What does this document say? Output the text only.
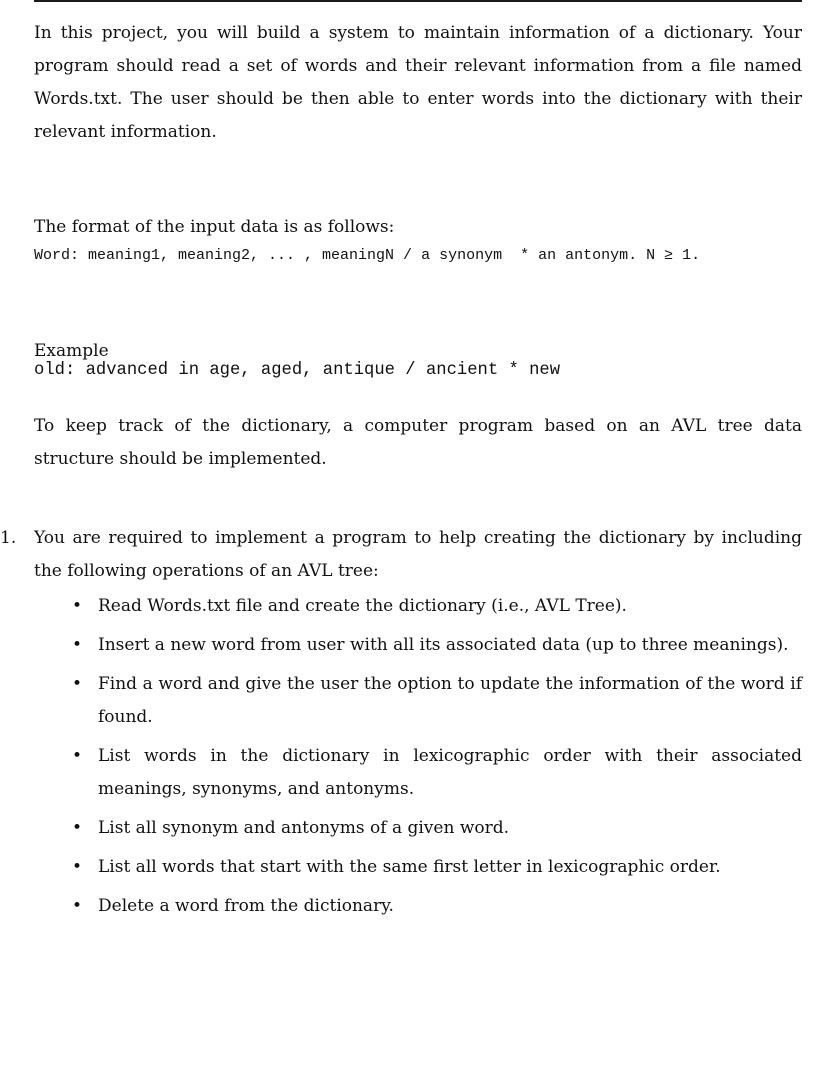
In this project, you will build a system to maintain information of a dictionary. Your program should read a set of words and their relevant information from a file named Words.txt. The user should be then able to enter words into the dictionary with their relevant information.

The format of the input data is as follows:

Word: meaning1, meaning2, ... , meaningN / a synonym  * an antonym. N ≥ 1.

Example

old: advanced in age, aged, antique / ancient * new

To keep track of the dictionary, a computer program based on an AVL tree data structure should be implemented.

1. You are required to implement a program to help creating the dictionary by including the following operations of an AVL tree:
• Read Words.txt file and create the dictionary (i.e., AVL Tree).
• Insert a new word from user with all its associated data (up to three meanings).
• Find a word and give the user the option to update the information of the word if found.
• List words in the dictionary in lexicographic order with their associated meanings, synonyms, and antonyms.
• List all synonym and antonyms of a given word.
• List all words that start with the same first letter in lexicographic order.
• Delete a word from the dictionary.
